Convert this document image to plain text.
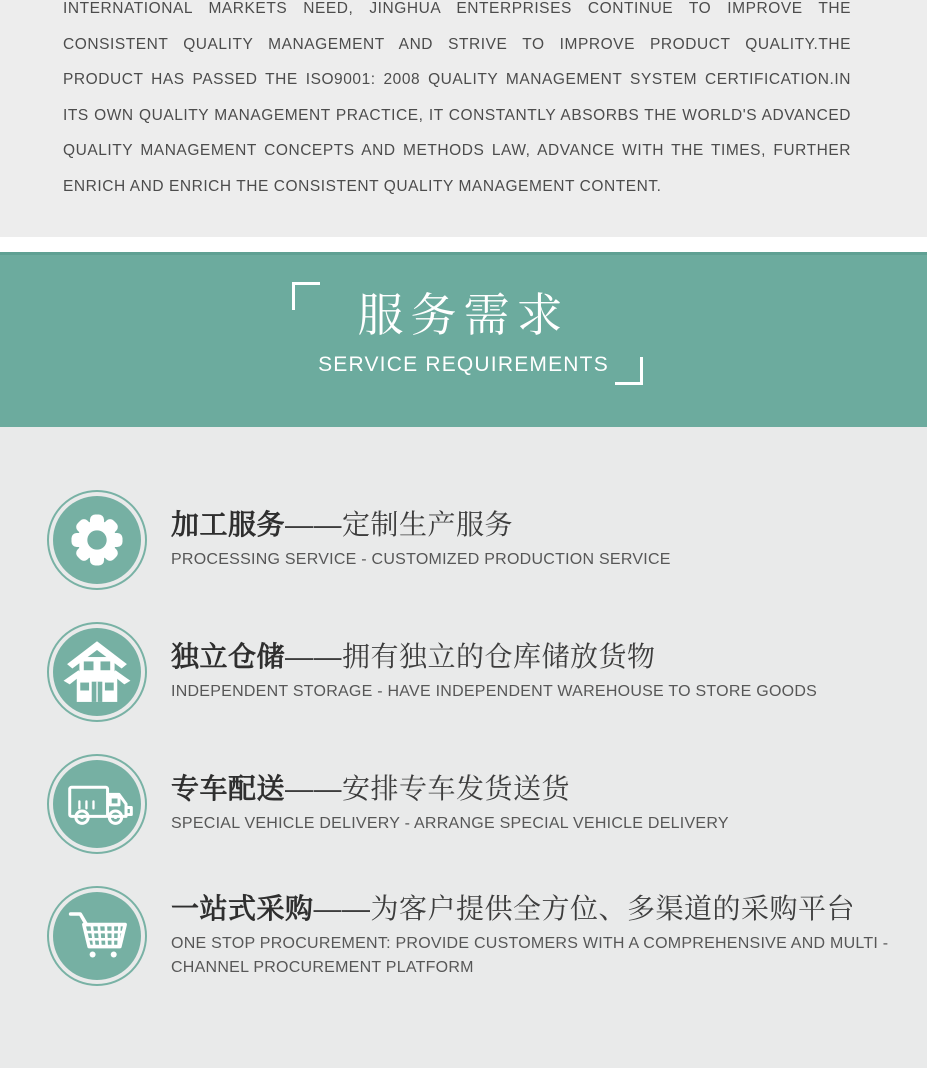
INTERNATIONAL MARKETS NEED, JINGHUA ENTERPRISES CONTINUE TO IMPROVE THE CONSISTENT QUALITY MANAGEMENT AND STRIVE TO IMPROVE PRODUCT QUALITY.THE PRODUCT HAS PASSED THE ISO9001: 2008 QUALITY MANAGEMENT SYSTEM CERTIFICATION.IN ITS OWN QUALITY MANAGEMENT PRACTICE, IT CONSTANTLY ABSORBS THE WORLD'S ADVANCED QUALITY MANAGEMENT CONCEPTS AND METHODS LAW, ADVANCE WITH THE TIMES, FURTHER ENRICH AND ENRICH THE CONSISTENT QUALITY MANAGEMENT CONTENT.
服务需求
SERVICE REQUIREMENTS
加工服务——定制生产服务
PROCESSING SERVICE - CUSTOMIZED PRODUCTION SERVICE
独立仓储——拥有独立的仓库储放货物
INDEPENDENT STORAGE - HAVE INDEPENDENT WAREHOUSE TO STORE GOODS
专车配送——安排专车发货送货
SPECIAL VEHICLE DELIVERY - ARRANGE SPECIAL VEHICLE DELIVERY
一站式采购——为客户提供全方位、多渠道的采购平台
ONE STOP PROCUREMENT: PROVIDE CUSTOMERS WITH A COMPREHENSIVE AND MULTI -CHANNEL PROCUREMENT PLATFORM
